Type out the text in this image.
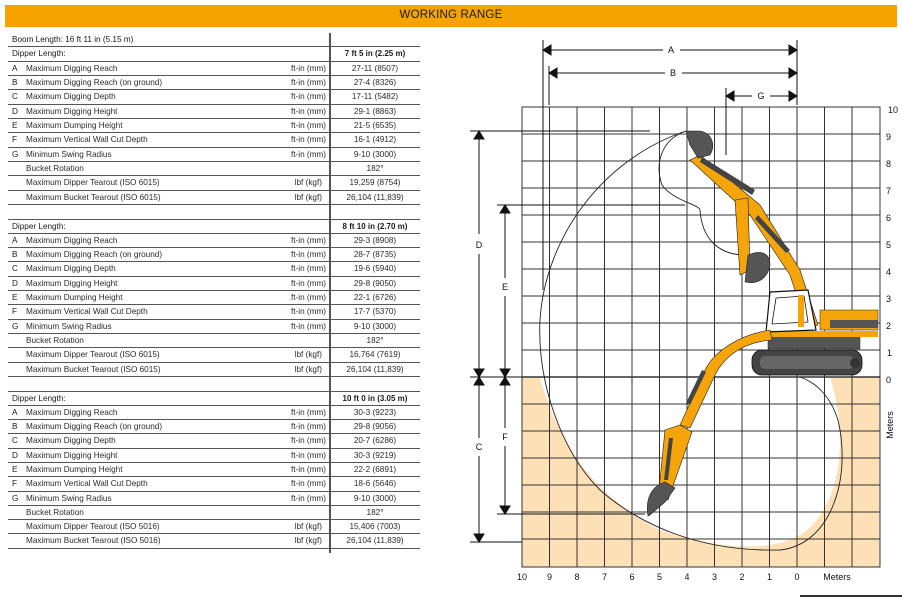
WORKING RANGE
Boom Length: 16 ft 11 in (5.15 m)
Dipper Length:	7 ft 5 in (2.25 m)
A	Maximum Digging Reach	ft-in (mm)	27-11 (8507)
B	Maximum Digging Reach (on ground)	ft-in (mm)	27-4 (8326)
C Maximum Digging Depth	ft-in (mm)	17-11 (5482)
D Maximum Digging Height	ft-in (mm)	29-1 (8863)
E	Maximum Dumping Height	ft-in (mm)	21-5 (6535)
F	Maximum Vertical Wall Cut Depth	ft-in (mm)	16-1 (4912)
G Minimum Swing Radius	ft-in (mm)	9-10 (3000)
Bucket Rotation	182°
Maximum Dipper Tearout (ISO 6015)	lbf (kgf)	19,259 (8754)
Maximum Bucket Tearout (ISO 6015)	lbf (kgf)	26,104 (11,839)
Dipper Length:	8 ft 10 in (2.70 m)
A	Maximum Digging Reach	ft-in (mm)	29-3 (8908)
B	Maximum Digging Reach (on ground)	ft-in (mm)	28-7 (8735)
C Maximum Digging Depth	ft-in (mm)	19-6 (5940)
D Maximum Digging Height	ft-in (mm)	29-8 (9050)
E	Maximum Dumping Height	ft-in (mm)	22-1 (6726)
F	Maximum Vertical Wall Cut Depth	ft-in (mm)	17-7 (5370)
G Minimum Swing Radius	ft-in (mm)	9-10 (3000)
Bucket Rotation	182°
Maximum Dipper Tearout (ISO 6015)	lbf (kgf)	16,764 (7619)
Maximum Bucket Tearout (ISO 6015)	lbf (kgf)	26,104 (11,839)
Dipper Length:	10 ft 0 in (3.05 m)
A	Maximum Digging Reach	ft-in (mm)	30-3 (9223)
B	Maximum Digging Reach (on ground)	ft-in (mm)	29-8 (9056)
C Maximum Digging Depth	ft-in (mm)	20-7 (6286)
D Maximum Digging Height	ft-in (mm)	30-3 (9219)
E	Maximum Dumping Height	ft-in (mm)	22-2 (6891)
F	Maximum Vertical Wall Cut Depth	ft-in (mm)	18-6 (5646)
G Minimum Swing Radius	ft-in (mm)	9-10 (3000)
Bucket Rotation	182°
Maximum Dipper Tearout (ISO 5016)	lbf (kgf)	15,406 (7003)
Maximum Bucket Tearout (ISO 5016)	lbf (kgf)	26,104 (11,839)
A
B
G
D
E
C
F
10
9
8
7
6
5
4
3
2
1
0
10 9 8 7 6 5 4 3 2 1 0	Meters
Meters
